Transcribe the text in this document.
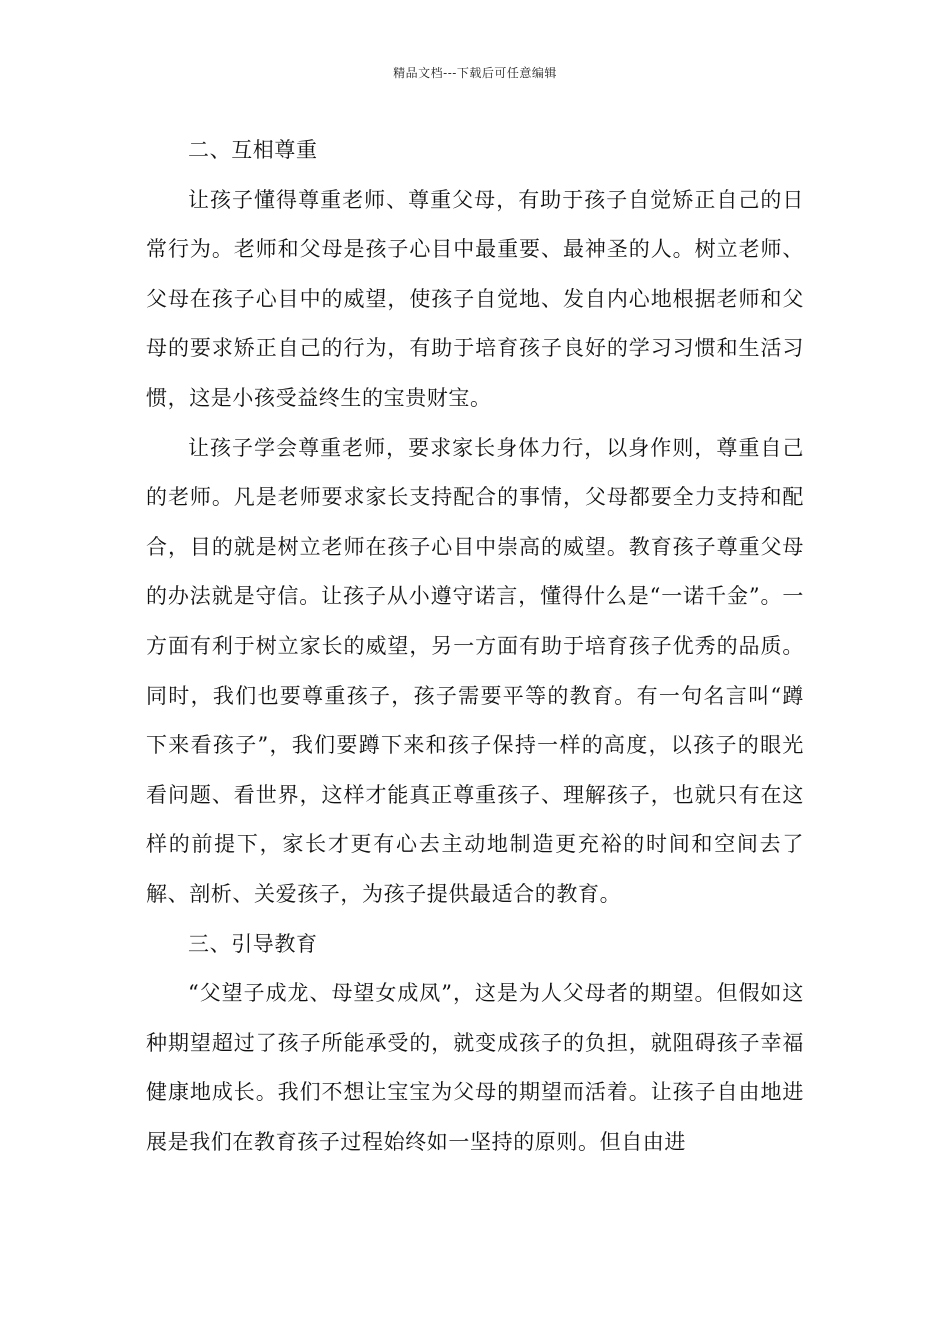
精品文档---下载后可任意编辑

二、互相尊重

让孩子懂得尊重老师、尊重父母，有助于孩子自觉矫正自己的日常行为。老师和父母是孩子心目中最重要、最神圣的人。树立老师、父母在孩子心目中的威望，使孩子自觉地、发自内心地根据老师和父母的要求矫正自己的行为，有助于培育孩子良好的学习习惯和生活习惯，这是小孩受益终生的宝贵财宝。

让孩子学会尊重老师，要求家长身体力行，以身作则，尊重自己的老师。凡是老师要求家长支持配合的事情，父母都要全力支持和配合，目的就是树立老师在孩子心目中崇高的威望。教育孩子尊重父母的办法就是守信。让孩子从小遵守诺言，懂得什么是“一诺千金”。一方面有利于树立家长的威望，另一方面有助于培育孩子优秀的品质。同时，我们也要尊重孩子，孩子需要平等的教育。有一句名言叫“蹲下来看孩子”，我们要蹲下来和孩子保持一样的高度，以孩子的眼光看问题、看世界，这样才能真正尊重孩子、理解孩子，也就只有在这样的前提下，家长才更有心去主动地制造更充裕的时间和空间去了解、剖析、关爱孩子，为孩子提供最适合的教育。

三、引导教育

“父望子成龙、母望女成凤”，这是为人父母者的期望。但假如这种期望超过了孩子所能承受的，就变成孩子的负担，就阻碍孩子幸福健康地成长。我们不想让宝宝为父母的期望而活着。让孩子自由地进展是我们在教育孩子过程始终如一坚持的原则。但自由进
